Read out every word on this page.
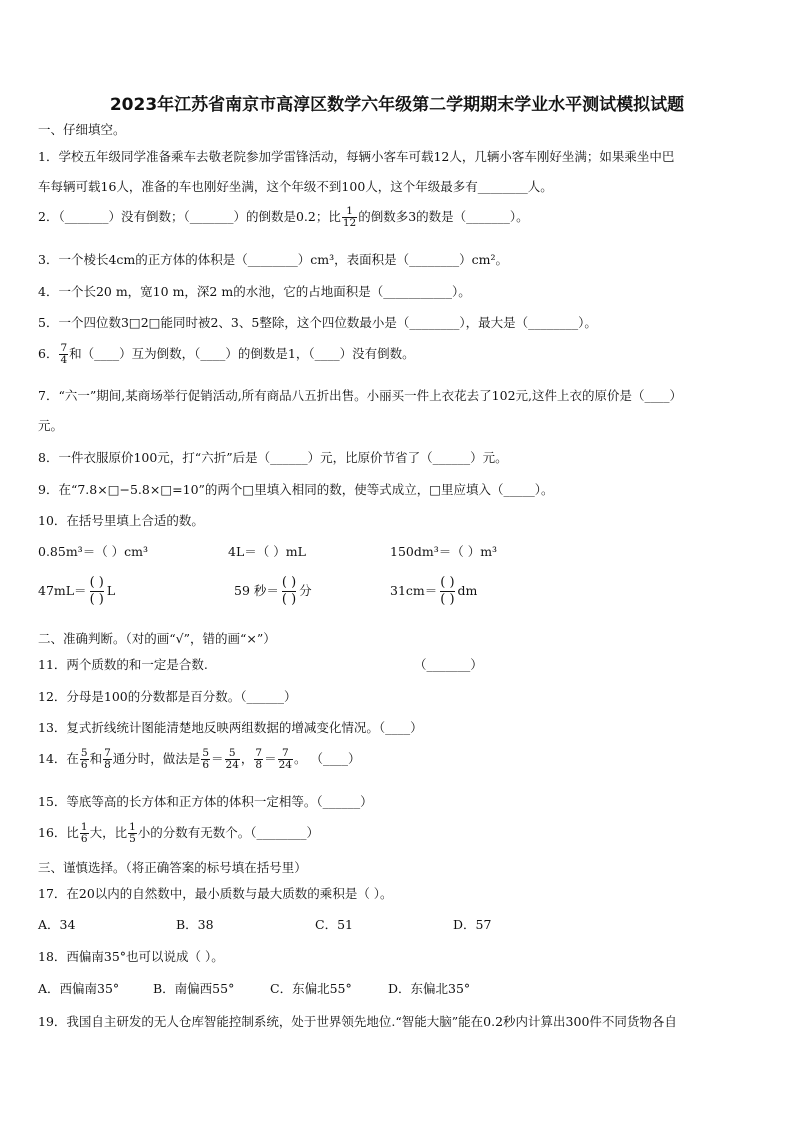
2023年江苏省南京市高淳区数学六年级第二学期期末学业水平测试模拟试题
一、仔细填空。
1．学校五年级同学准备乘车去敬老院参加学雷锋活动，每辆小客车可载12人，几辆小客车刚好坐满；如果乘坐中巴
车每辆可载16人，准备的车也刚好坐满，这个年级不到100人，这个年级最多有________人。
2．（_______）没有倒数；（_______）的倒数是0.2；比 $\frac{1}{12}$ 的倒数多3的数是（_______）。
3．一个棱长4cm的正方体的体积是（________）cm³，表面积是（________）cm²。
4．一个长20 m，宽10 m，深2 m的水池，它的占地面积是（___________）。
5．一个四位数3□2□能同时被2、3、5整除，这个四位数最小是（________），最大是（________）。
6． $\frac{7}{4}$ 和（____）互为倒数，（____）的倒数是1，（____）没有倒数。
7．“六一”期间,某商场举行促销活动,所有商品八五折出售。小丽买一件上衣花去了102元,这件上衣的原价是（____）
元。
8．一件衣服原价100元，打“六折”后是（______）元，比原价节省了（______）元。
9．在“7.8×□−5.8×□=10”的两个□里填入相同的数，使等式成立，□里应填入（_____）。
10．在括号里填上合适的数。
0.85m³＝（ ）cm³	4L＝（ ）mL	150dm³＝（ ）m³
$47mL= \frac{( )}{( )}$ L	59 秒＝ $\frac{( )}{( )}$ 分	$31cm= \frac{( )}{( )}$ dm
二、准确判断。（对的画“√”，错的画“×”）
11．两个质数的和一定是合数.	（_______）
12．分母是100的分数都是百分数。（______）
13．复式折线统计图能清楚地反映两组数据的增减变化情况。（____）
14．在 $\frac{5}{6}$ 和 $\frac{7}{8}$ 通分时，做法是 $\frac{5}{6} = \frac{5}{24}$ ， $\frac{7}{8} = \frac{7}{24}$ 。 （____）
15．等底等高的长方体和正方体的体积一定相等。（______）
16．比 $\frac{1}{6}$ 大，比 $\frac{1}{5}$ 小的分数有无数个。（________）
三、谨慎选择。（将正确答案的标号填在括号里）
17．在20以内的自然数中，最小质数与最大质数的乘积是（ ）。
A．34	B．38	C．51	D．57
18．西偏南35°也可以说成（ ）。
A．西偏南35°	B．南偏西55°	C．东偏北55°	D．东偏北35°
19．我国自主研发的无人仓库智能控制系统，处于世界领先地位.“智能大脑”能在0.2秒内计算出300件不同货物各自
